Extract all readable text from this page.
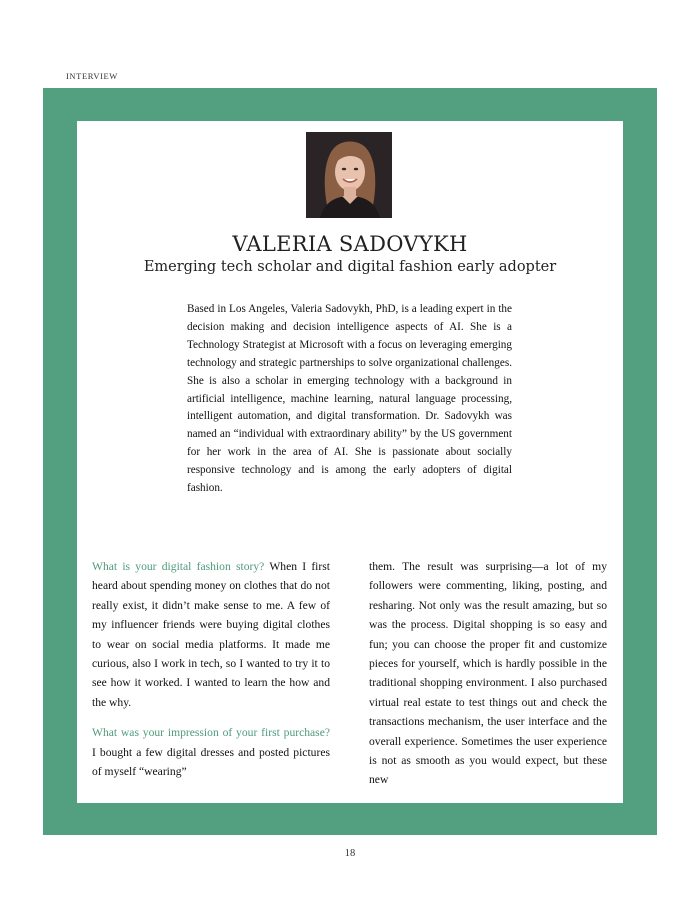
INTERVIEW
VALERIA SADOVYKH
Emerging tech scholar and digital fashion early adopter
Based in Los Angeles, Valeria Sadovykh, PhD, is a leading expert in the decision making and decision intelligence aspects of AI. She is a Technology Strategist at Microsoft with a focus on leveraging emerging technology and strategic partnerships to solve organizational challenges. She is also a scholar in emerging technology with a background in artificial intelligence, machine learning, natural language processing, intelligent automation, and digital transformation. Dr. Sadovykh was named an “individual with extraordinary ability” by the US government for her work in the area of AI. She is passionate about socially responsive technology and is among the early adopters of digital fashion.

What is your digital fashion story? When I first heard about spending money on clothes that do not really exist, it didn’t make sense to me. A few of my influencer friends were buying digital clothes to wear on social media platforms. It made me curious, also I work in tech, so I wanted to try it to see how it worked. I wanted to learn the how and the why.

What was your impression of your first purchase? I bought a few digital dresses and posted pictures of myself “wearing”

them. The result was surprising—a lot of my followers were commenting, liking, posting, and resharing. Not only was the result amazing, but so was the process. Digital shopping is so easy and fun; you can choose the proper fit and customize pieces for yourself, which is hardly possible in the traditional shopping environment. I also purchased virtual real estate to test things out and check the transactions mechanism, the user interface and the overall experience. Sometimes the user experience is not as smooth as you would expect, but these new

18
